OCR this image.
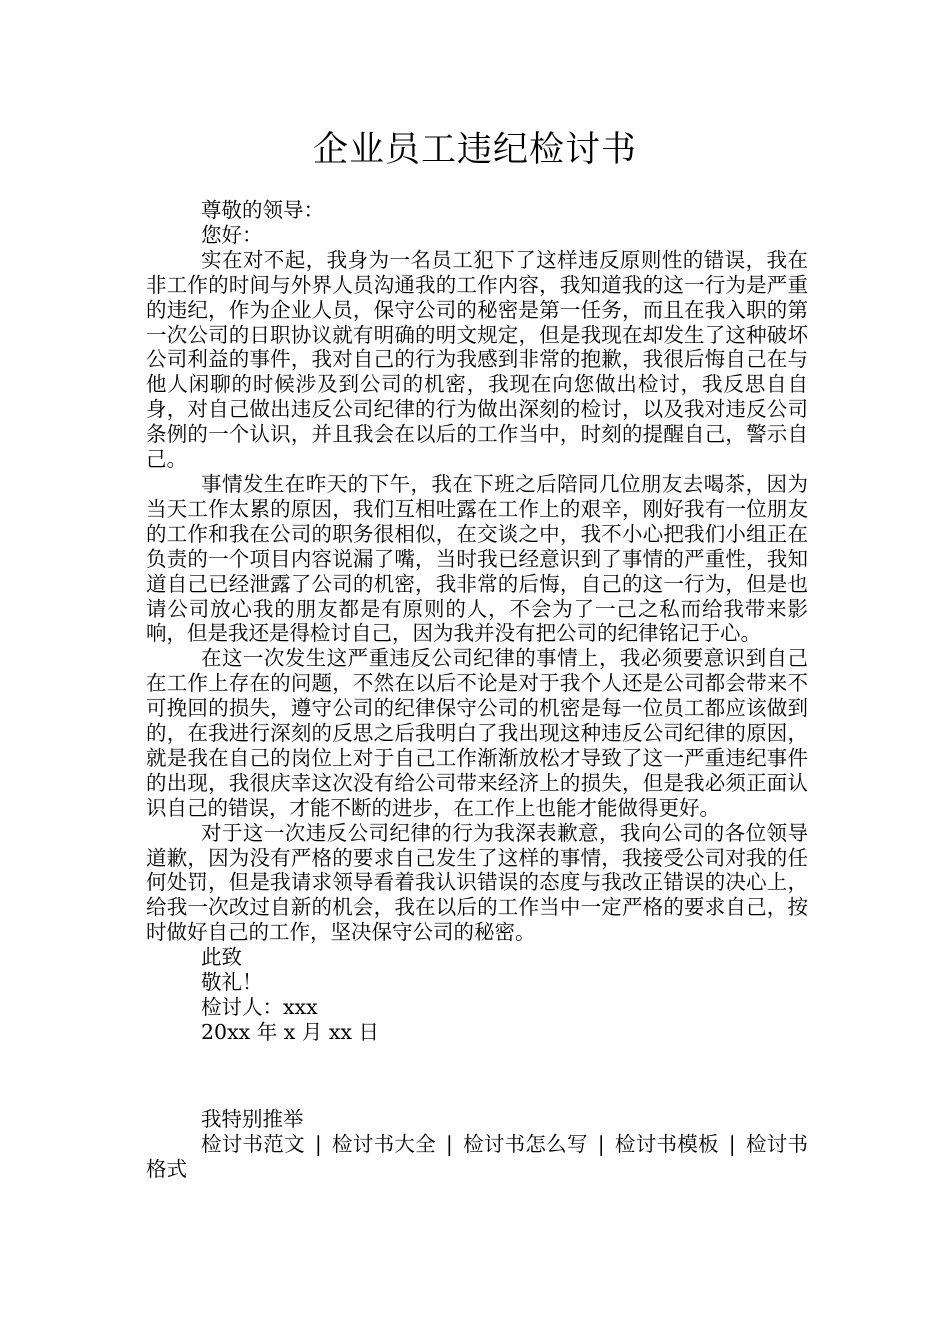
企业员工违纪检讨书

尊敬的领导：

您好：

实在对不起，我身为一名员工犯下了这样违反原则性的错误，我在非工作的时间与外界人员沟通我的工作内容，我知道我的这一行为是严重的违纪，作为企业人员，保守公司的秘密是第一任务，而且在我入职的第一次公司的日职协议就有明确的明文规定，但是我现在却发生了这种破坏公司利益的事件，我对自己的行为我感到非常的抱歉，我很后悔自己在与他人闲聊的时候涉及到公司的机密，我现在向您做出检讨，我反思自自身，对自己做出违反公司纪律的行为做出深刻的检讨，以及我对违反公司条例的一个认识，并且我会在以后的工作当中，时刻的提醒自己，警示自己。

事情发生在昨天的下午，我在下班之后陪同几位朋友去喝茶，因为当天工作太累的原因，我们互相吐露在工作上的艰辛，刚好我有一位朋友的工作和我在公司的职务很相似，在交谈之中，我不小心把我们小组正在负责的一个项目内容说漏了嘴，当时我已经意识到了事情的严重性，我知道自己已经泄露了公司的机密，我非常的后悔，自己的这一行为，但是也请公司放心我的朋友都是有原则的人，不会为了一己之私而给我带来影响，但是我还是得检讨自己，因为我并没有把公司的纪律铭记于心。

在这一次发生这严重违反公司纪律的事情上，我必须要意识到自己在工作上存在的问题，不然在以后不论是对于我个人还是公司都会带来不可挽回的损失，遵守公司的纪律保守公司的机密是每一位员工都应该做到的，在我进行深刻的反思之后我明白了我出现这种违反公司纪律的原因，就是我在自己的岗位上对于自己工作渐渐放松才导致了这一严重违纪事件的出现，我很庆幸这次没有给公司带来经济上的损失，但是我必须正面认识自己的错误，才能不断的进步，在工作上也能才能做得更好。

对于这一次违反公司纪律的行为我深表歉意，我向公司的各位领导道歉，因为没有严格的要求自己发生了这样的事情，我接受公司对我的任何处罚，但是我请求领导看着我认识错误的态度与我改正错误的决心上，给我一次改过自新的机会，我在以后的工作当中一定严格的要求自己，按时做好自己的工作，坚决保守公司的秘密。

此致

敬礼！

检讨人：xxx

20xx 年 x 月 xx 日

我特别推举

检讨书范文 | 检讨书大全 | 检讨书怎么写 | 检讨书模板 | 检讨书格式
